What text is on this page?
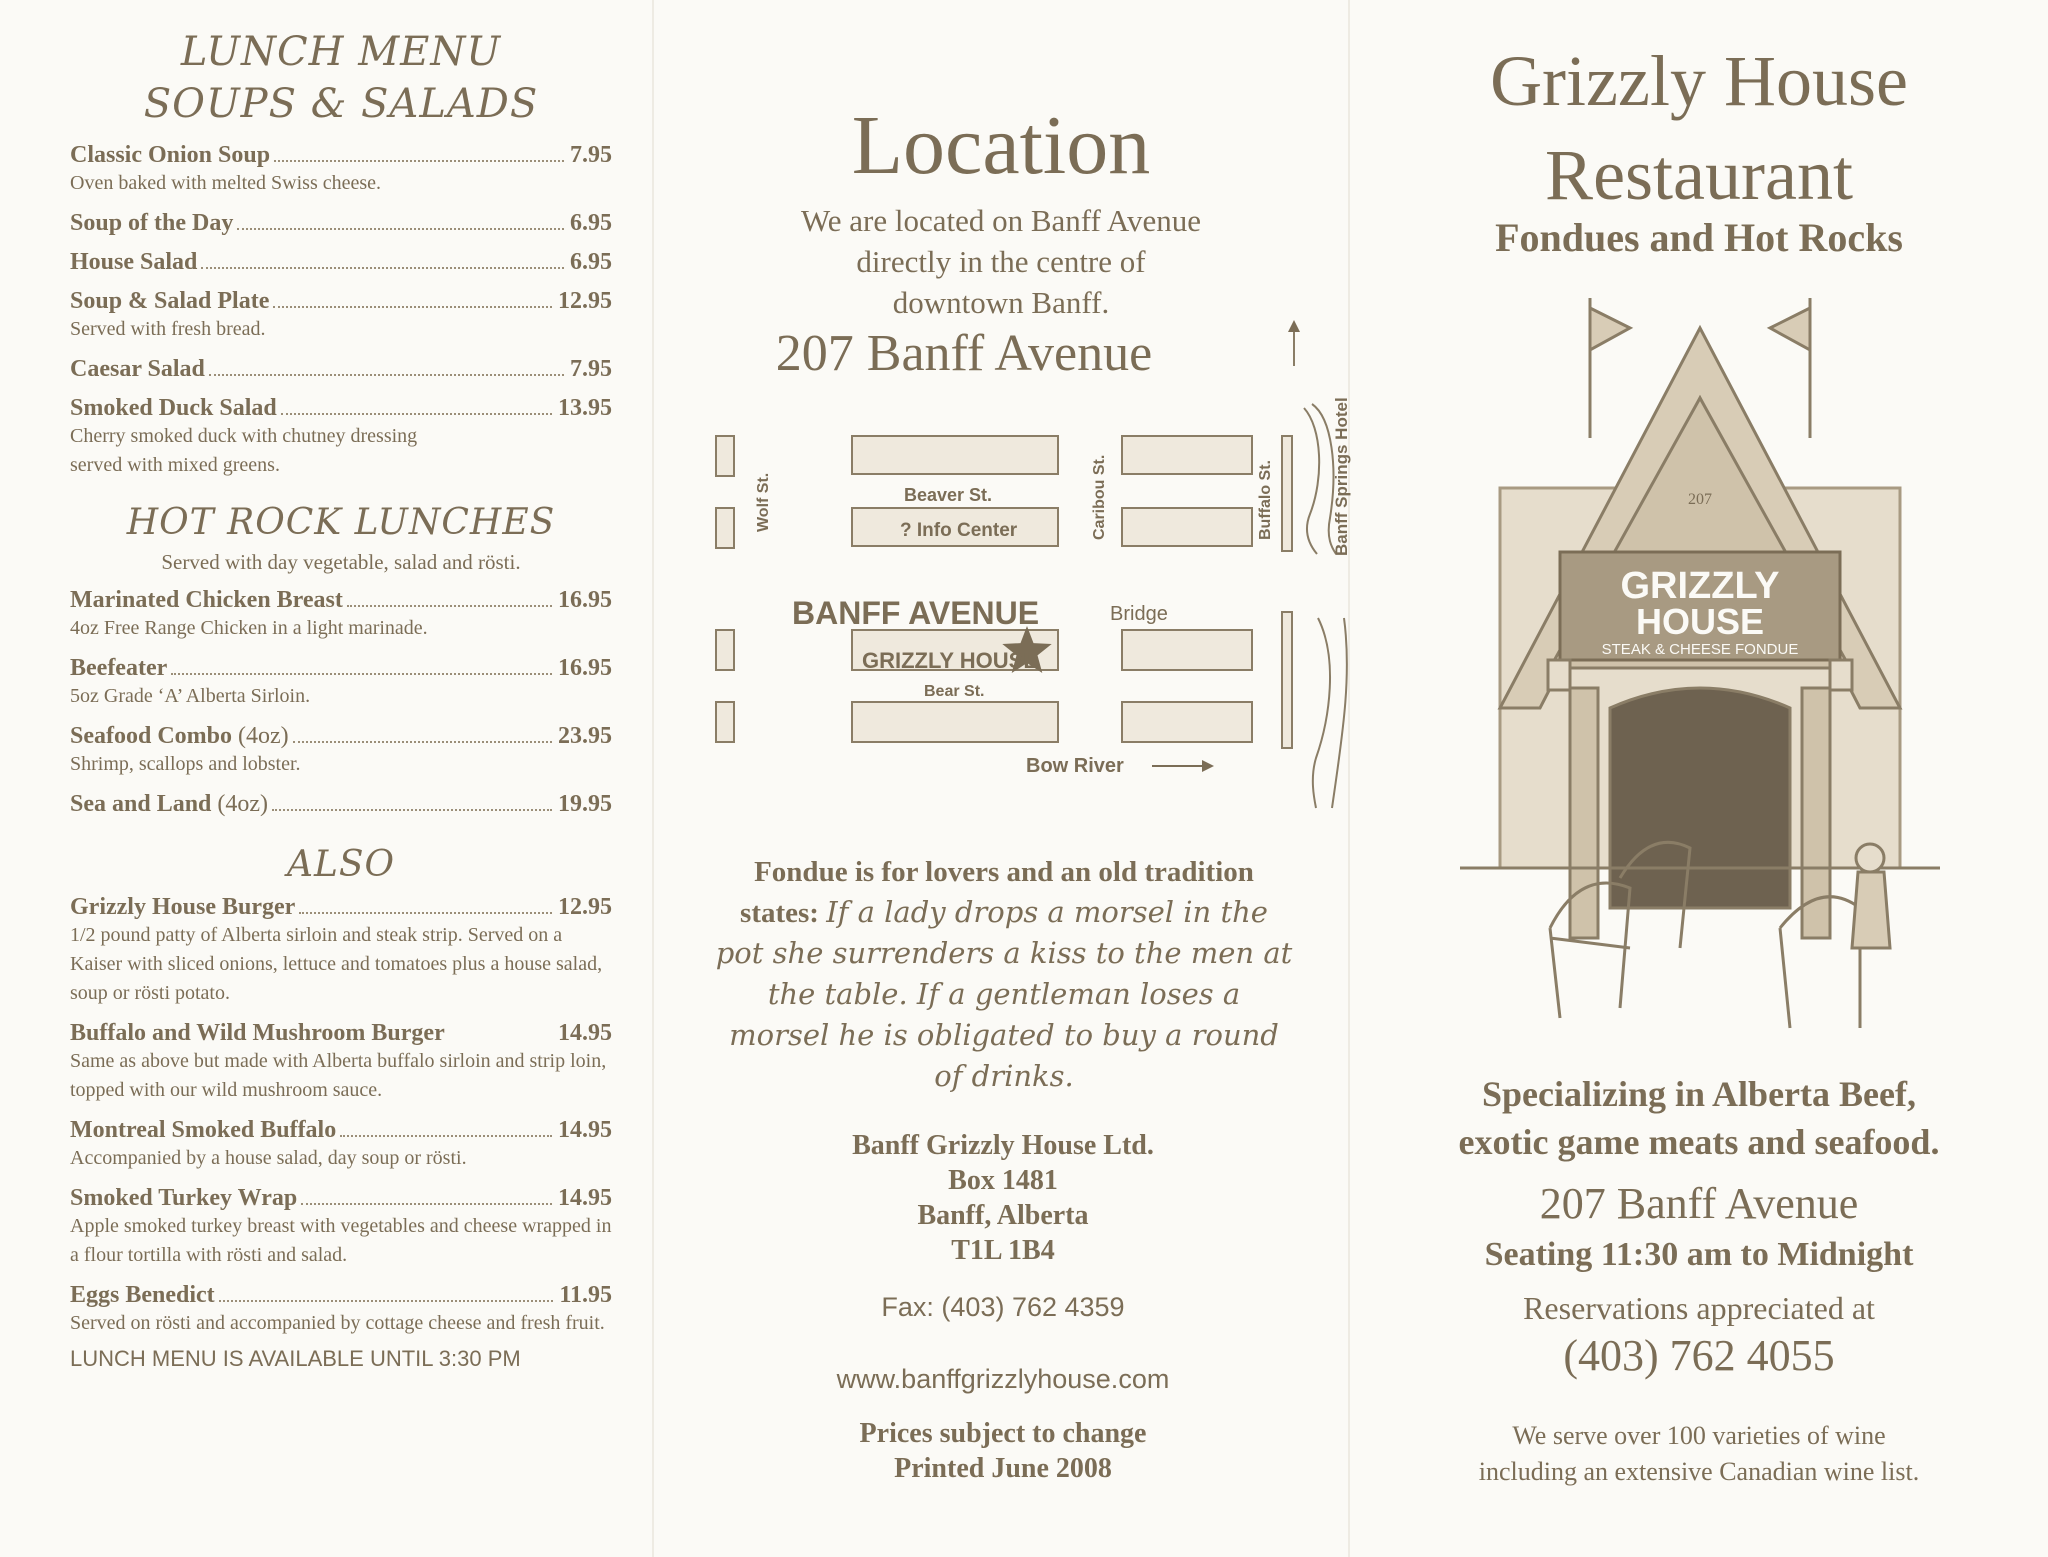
LUNCH MENU
SOUPS & SALADS
Classic Onion Soup	7.95
Oven baked with melted Swiss cheese.
Soup of the Day	6.95
House Salad	6.95
Soup & Salad Plate	12.95
Served with fresh bread.
Caesar Salad	7.95
Smoked Duck Salad	13.95
Cherry smoked duck with chutney dressing served with mixed greens.
HOT ROCK LUNCHES
Served with day vegetable, salad and rösti.
Marinated Chicken Breast	16.95
4oz Free Range Chicken in a light marinade.
Beefeater	16.95
5oz Grade ‘A’ Alberta Sirloin.
Seafood Combo (4oz)	23.95
Shrimp, scallops and lobster.
Sea and Land (4oz)	19.95
ALSO
Grizzly House Burger	12.95
1/2 pound patty of Alberta sirloin and steak strip. Served on a Kaiser with sliced onions, lettuce and tomatoes plus a house salad, soup or rösti potato.
Buffalo and Wild Mushroom Burger	14.95
Same as above but made with Alberta buffalo sirloin and strip loin, topped with our wild mushroom sauce.
Montreal Smoked Buffalo	14.95
Accompanied by a house salad, day soup or rösti.
Smoked Turkey Wrap	14.95
Apple smoked turkey breast with vegetables and cheese wrapped in a flour tortilla with rösti and salad.
Eggs Benedict	11.95
Served on rösti and accompanied by cottage cheese and fresh fruit.
LUNCH MENU IS AVAILABLE UNTIL 3:30 PM
Location
We are located on Banff Avenue
directly in the centre of
downtown Banff.
207 Banff Avenue
Beaver St.
? Info Center
BANFF AVENUE	Bridge
GRIZZLY HOUSE
Bear St.
Bow River
Wolf St.	Caribou St.	Buffalo St.	Banff Springs Hotel
Fondue is for lovers and an old tradition states: If a lady drops a morsel in the pot she surrenders a kiss to the men at the table. If a gentleman loses a morsel he is obligated to buy a round of drinks.
Banff Grizzly House Ltd.
Box 1481
Banff, Alberta
T1L 1B4
Fax: (403) 762 4359
www.banffgrizzlyhouse.com
Prices subject to change
Printed June 2008
Grizzly House
Restaurant
Fondues and Hot Rocks
GRIZZLY
HOUSE
STEAK & CHEESE FONDUE
207
Specializing in Alberta Beef,
exotic game meats and seafood.
207 Banff Avenue
Seating 11:30 am to Midnight
Reservations appreciated at
(403) 762 4055
We serve over 100 varieties of wine
including an extensive Canadian wine list.
